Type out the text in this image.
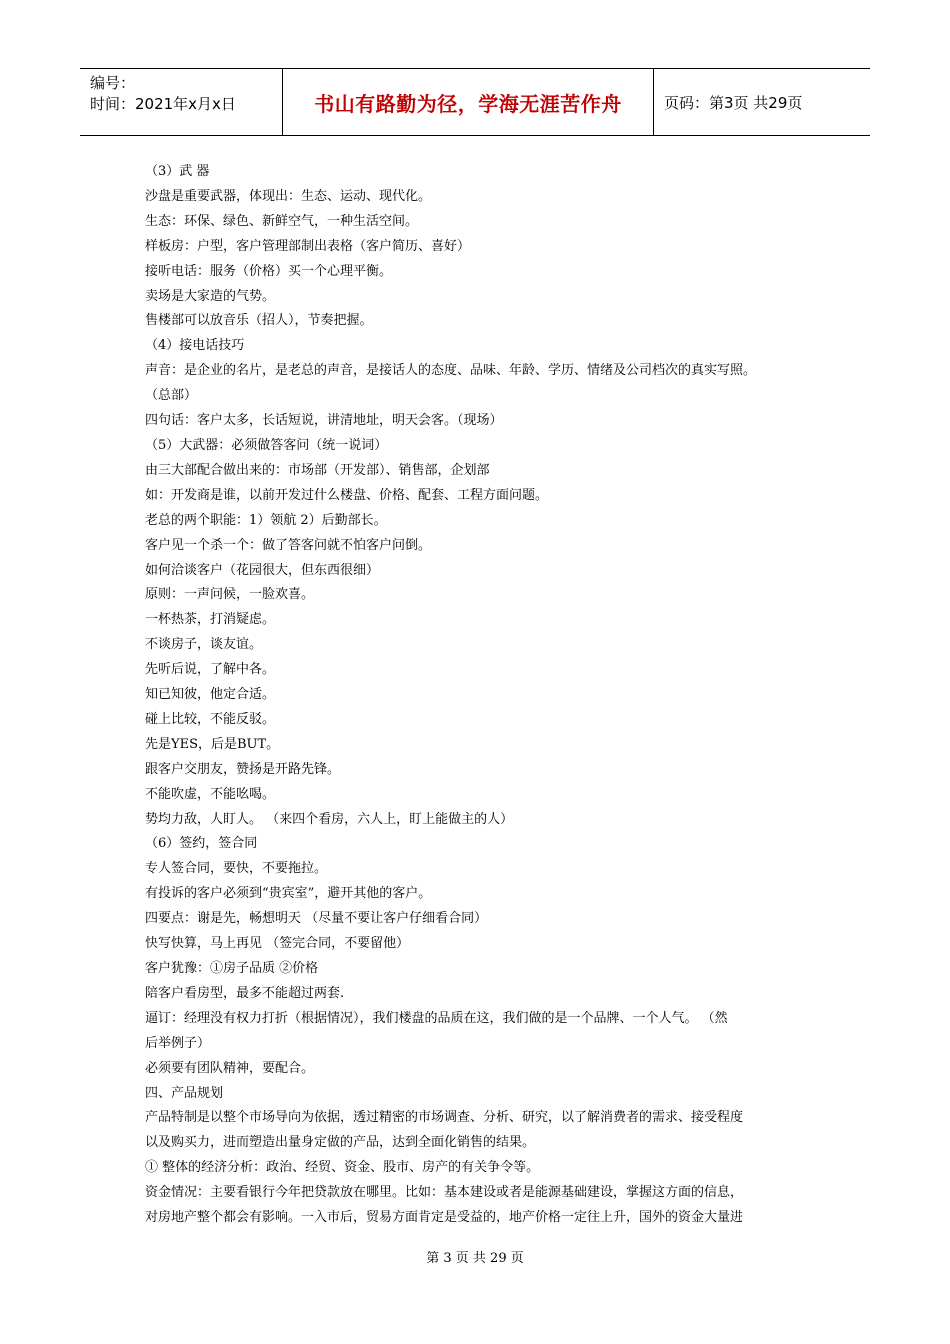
编号：
时间：2021年x月x日	书山有路勤为径，学海无涯苦作舟	页码：第3页 共29页

（3）武 器

沙盘是重要武器，体现出：生态、运动、现代化。

生态：环保、绿色、新鲜空气，一种生活空间。

样板房：户型，客户管理部制出表格（客户简历、喜好）

接听电话：服务（价格）买一个心理平衡。

卖场是大家造的气势。

售楼部可以放音乐（招人），节奏把握。

（4）接电话技巧

声音：是企业的名片，是老总的声音，是接话人的态度、品味、年龄、学历、情绪及公司档次的真实写照。

（总部）

四句话：客户太多，长话短说，讲清地址，明天会客。（现场）

（5）大武器：必须做答客问（统一说词）

由三大部配合做出来的：市场部（开发部）、销售部，企划部

如：开发商是谁，以前开发过什么楼盘、价格、配套、工程方面问题。

老总的两个职能：1）领航 2）后勤部长。

客户见一个杀一个：做了答客问就不怕客户问倒。

如何洽谈客户（花园很大，但东西很细）

原则：一声问候，一脸欢喜。

一杯热茶，打消疑虑。

不谈房子，谈友谊。

先听后说，了解中各。

知已知彼，他定合适。

碰上比较，不能反驳。

先是YES，后是BUT。

跟客户交朋友，赞扬是开路先锋。

不能吹虚，不能吆喝。

势均力敌，人盯人。 （来四个看房，六人上，盯上能做主的人）

（6）签约，签合同

专人签合同，要快，不要拖拉。

有投诉的客户必须到“贵宾室”，避开其他的客户。

四要点：谢是先，畅想明天 （尽量不要让客户仔细看合同）

快写快算，马上再见 （签完合同，不要留他）

客户犹豫：①房子品质 ②价格

陪客户看房型，最多不能超过两套.

逼订：经理没有权力打折（根据情况），我们楼盘的品质在这，我们做的是一个品牌、一个人气。 （然

后举例子）

必须要有团队精神，要配合。

四、产品规划

产品特制是以整个市场导向为依据，透过精密的市场调查、分析、研究，以了解消费者的需求、接受程度

以及购买力，进而塑造出量身定做的产品，达到全面化销售的结果。

① 整体的经济分析：政治、经贸、资金、股市、房产的有关争令等。

资金情况：主要看银行今年把贷款放在哪里。比如：基本建设或者是能源基础建设，掌握这方面的信息，

对房地产整个都会有影响。一入市后，贸易方面肯定是受益的，地产价格一定往上升，国外的资金大量进

第 3 页 共 29 页
